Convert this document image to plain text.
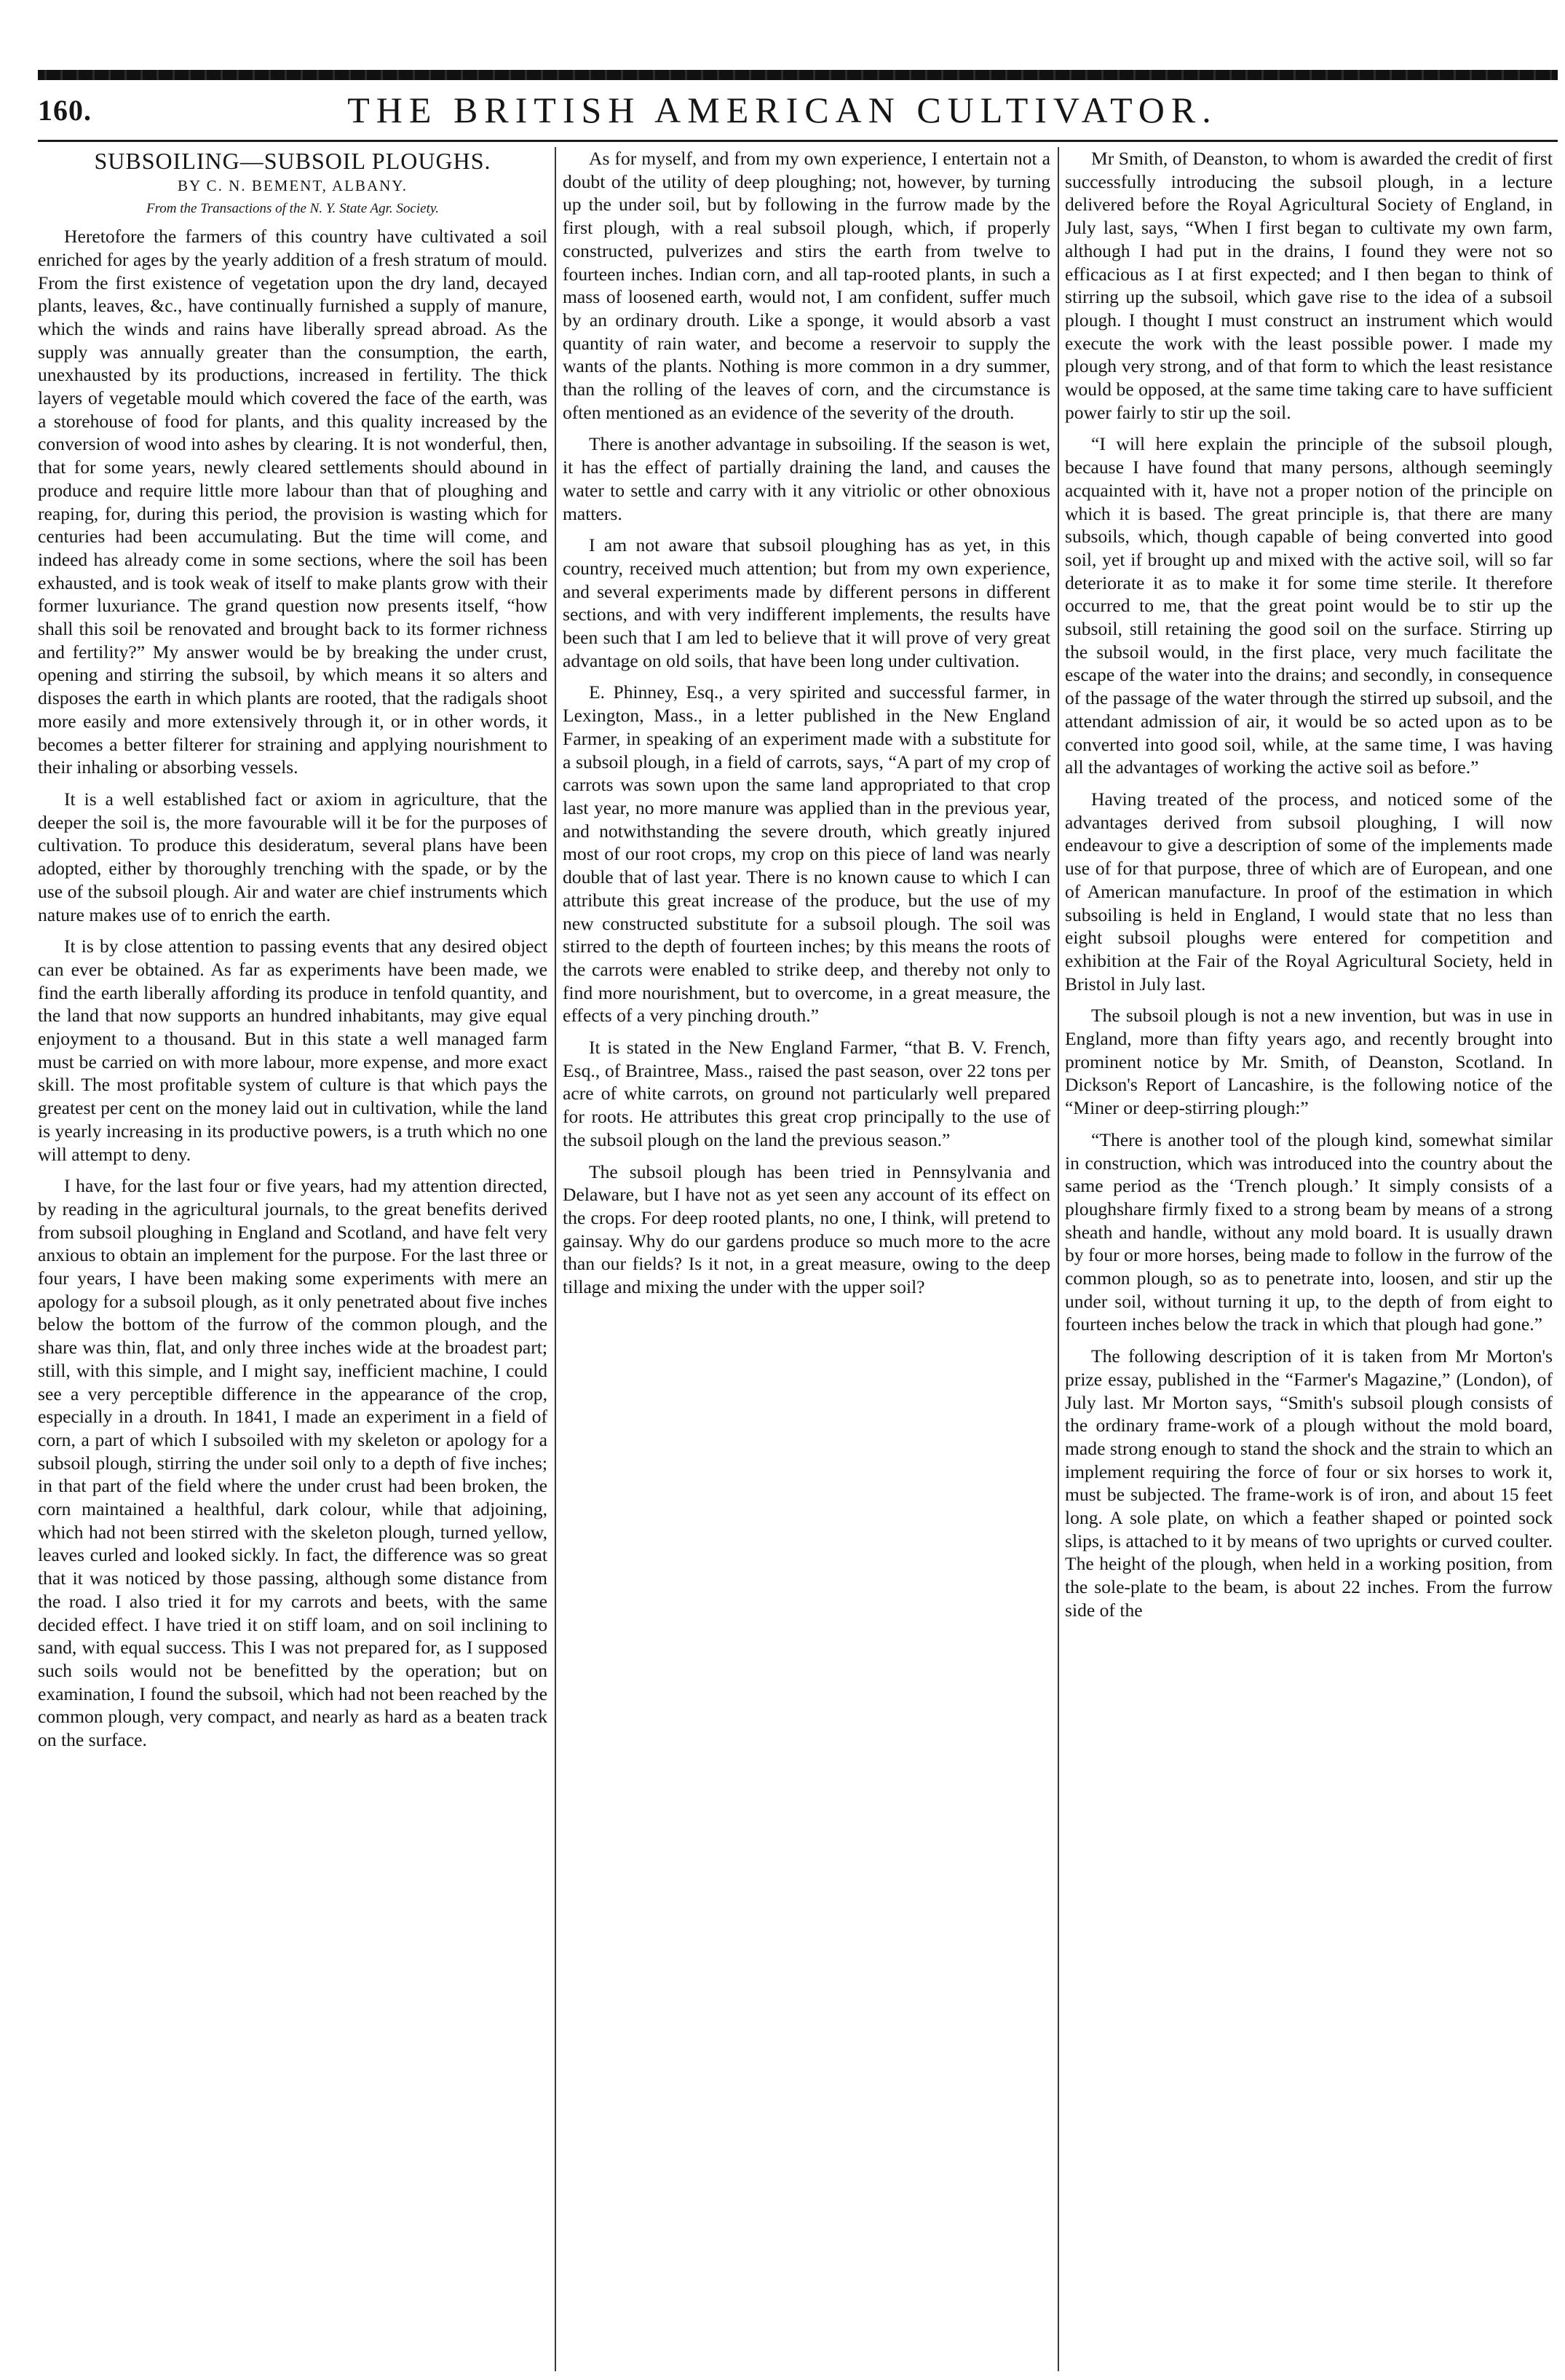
160.	THE BRITISH AMERICAN CULTIVATOR.
SUBSOILING—SUBSOIL PLOUGHS.
BY C. N. BEMENT, ALBANY.
From the Transactions of the N. Y. State Agr. Society.

Heretofore the farmers of this country have cultivated a soil enriched for ages by the yearly addition of a fresh stratum of mould. From the first existence of vegetation upon the dry land, decayed plants, leaves, &c., have continually furnished a supply of manure, which the winds and rains have liberally spread abroad. As the supply was annually greater than the consumption, the earth, unexhausted by its productions, increased in fertility. The thick layers of vegetable mould which covered the face of the earth, was a storehouse of food for plants, and this quality increased by the conversion of wood into ashes by clearing. It is not wonderful, then, that for some years, newly cleared settlements should abound in produce and require little more labour than that of ploughing and reaping, for, during this period, the provision is wasting which for centuries had been accumulating. But the time will come, and indeed has already come in some sections, where the soil has been exhausted, and is took weak of itself to make plants grow with their former luxuriance. The grand question now presents itself, “how shall this soil be renovated and brought back to its former richness and fertility?” My answer would be by breaking the under crust, opening and stirring the subsoil, by which means it so alters and disposes the earth in which plants are rooted, that the radigals shoot more easily and more extensively through it, or in other words, it becomes a better filterer for straining and applying nourishment to their inhaling or absorbing vessels.

It is a well established fact or axiom in agriculture, that the deeper the soil is, the more favourable will it be for the purposes of cultivation. To produce this desideratum, several plans have been adopted, either by thoroughly trenching with the spade, or by the use of the subsoil plough. Air and water are chief instruments which nature makes use of to enrich the earth.

It is by close attention to passing events that any desired object can ever be obtained. As far as experiments have been made, we find the earth liberally affording its produce in tenfold quantity, and the land that now supports an hundred inhabitants, may give equal enjoyment to a thousand. But in this state a well managed farm must be carried on with more labour, more expense, and more exact skill. The most profitable system of culture is that which pays the greatest per cent on the money laid out in cultivation, while the land is yearly increasing in its productive powers, is a truth which no one will attempt to deny.

I have, for the last four or five years, had my attention directed, by reading in the agricultural journals, to the great benefits derived from subsoil ploughing in England and Scotland, and have felt very anxious to obtain an implement for the purpose. For the last three or four years, I have been making some experiments with mere an apology for a subsoil plough, as it only penetrated about five inches below the bottom of the furrow of the common plough, and the share was thin, flat, and only three inches wide at the broadest part; still, with this simple, and I might say, inefficient machine, I could see a very perceptible difference in the appearance of the crop, especially in a drouth. In 1841, I made an experiment in a field of corn, a part of which I subsoiled with my skeleton or apology for a subsoil plough, stirring the under soil only to a depth of five inches; in that part of the field where the under crust had been broken, the corn maintained a healthful, dark colour, while that adjoining, which had not been stirred with the skeleton plough, turned yellow, leaves curled and looked sickly. In fact, the difference was so great that it was noticed by those passing, although some distance from the road. I also tried it for my carrots and beets, with the same decided effect. I have tried it on stiff loam, and on soil inclining to sand, with equal success. This I was not prepared for, as I supposed such soils would not be benefitted by the operation; but on examination, I found the subsoil, which had not been reached by the common plough, very compact, and nearly as hard as a beaten track on the surface.

As for myself, and from my own experience, I entertain not a doubt of the utility of deep ploughing; not, however, by turning up the under soil, but by following in the furrow made by the first plough, with a real subsoil plough, which, if properly constructed, pulverizes and stirs the earth from twelve to fourteen inches. Indian corn, and all tap-rooted plants, in such a mass of loosened earth, would not, I am confident, suffer much by an ordinary drouth. Like a sponge, it would absorb a vast quantity of rain water, and become a reservoir to supply the wants of the plants. Nothing is more common in a dry summer, than the rolling of the leaves of corn, and the circumstance is often mentioned as an evidence of the severity of the drouth.

There is another advantage in subsoiling. If the season is wet, it has the effect of partially draining the land, and causes the water to settle and carry with it any vitriolic or other obnoxious matters.

I am not aware that subsoil ploughing has as yet, in this country, received much attention; but from my own experience, and several experiments made by different persons in different sections, and with very indifferent implements, the results have been such that I am led to believe that it will prove of very great advantage on old soils, that have been long under cultivation.

E. Phinney, Esq., a very spirited and successful farmer, in Lexington, Mass., in a letter published in the New England Farmer, in speaking of an experiment made with a substitute for a subsoil plough, in a field of carrots, says, “A part of my crop of carrots was sown upon the same land appropriated to that crop last year, no more manure was applied than in the previous year, and notwithstanding the severe drouth, which greatly injured most of our root crops, my crop on this piece of land was nearly double that of last year. There is no known cause to which I can attribute this great increase of the produce, but the use of my new constructed substitute for a subsoil plough. The soil was stirred to the depth of fourteen inches; by this means the roots of the carrots were enabled to strike deep, and thereby not only to find more nourishment, but to overcome, in a great measure, the effects of a very pinching drouth.”

It is stated in the New England Farmer, “that B. V. French, Esq., of Braintree, Mass., raised the past season, over 22 tons per acre of white carrots, on ground not particularly well prepared for roots. He attributes this great crop principally to the use of the subsoil plough on the land the previous season.”

The subsoil plough has been tried in Pennsylvania and Delaware, but I have not as yet seen any account of its effect on the crops. For deep rooted plants, no one, I think, will pretend to gainsay. Why do our gardens produce so much more to the acre than our fields? Is it not, in a great measure, owing to the deep tillage and mixing the under with the upper soil?

Mr Smith, of Deanston, to whom is awarded the credit of first successfully introducing the subsoil plough, in a lecture delivered before the Royal Agricultural Society of England, in July last, says, “When I first began to cultivate my own farm, although I had put in the drains, I found they were not so efficacious as I at first expected; and I then began to think of stirring up the subsoil, which gave rise to the idea of a subsoil plough. I thought I must construct an instrument which would execute the work with the least possible power. I made my plough very strong, and of that form to which the least resistance would be opposed, at the same time taking care to have sufficient power fairly to stir up the soil.

“I will here explain the principle of the subsoil plough, because I have found that many persons, although seemingly acquainted with it, have not a proper notion of the principle on which it is based. The great principle is, that there are many subsoils, which, though capable of being converted into good soil, yet if brought up and mixed with the active soil, will so far deteriorate it as to make it for some time sterile. It therefore occurred to me, that the great point would be to stir up the subsoil, still retaining the good soil on the surface. Stirring up the subsoil would, in the first place, very much facilitate the escape of the water into the drains; and secondly, in consequence of the passage of the water through the stirred up subsoil, and the attendant admission of air, it would be so acted upon as to be converted into good soil, while, at the same time, I was having all the advantages of working the active soil as before.”

Having treated of the process, and noticed some of the advantages derived from subsoil ploughing, I will now endeavour to give a description of some of the implements made use of for that purpose, three of which are of European, and one of American manufacture. In proof of the estimation in which subsoiling is held in England, I would state that no less than eight subsoil ploughs were entered for competition and exhibition at the Fair of the Royal Agricultural Society, held in Bristol in July last.

The subsoil plough is not a new invention, but was in use in England, more than fifty years ago, and recently brought into prominent notice by Mr. Smith, of Deanston, Scotland. In Dickson's Report of Lancashire, is the following notice of the “Miner or deep-stirring plough:”

“There is another tool of the plough kind, somewhat similar in construction, which was introduced into the country about the same period as the ‘Trench plough.’ It simply consists of a ploughshare firmly fixed to a strong beam by means of a strong sheath and handle, without any mold board. It is usually drawn by four or more horses, being made to follow in the furrow of the common plough, so as to penetrate into, loosen, and stir up the under soil, without turning it up, to the depth of from eight to fourteen inches below the track in which that plough had gone.”

The following description of it is taken from Mr Morton's prize essay, published in the “Farmer's Magazine,” (London), of July last. Mr Morton says, “Smith's subsoil plough consists of the ordinary frame-work of a plough without the mold board, made strong enough to stand the shock and the strain to which an implement requiring the force of four or six horses to work it, must be subjected. The frame-work is of iron, and about 15 feet long. A sole plate, on which a feather shaped or pointed sock slips, is attached to it by means of two uprights or curved coulter. The height of the plough, when held in a working position, from the sole-plate to the beam, is about 22 inches. From the furrow side of the
